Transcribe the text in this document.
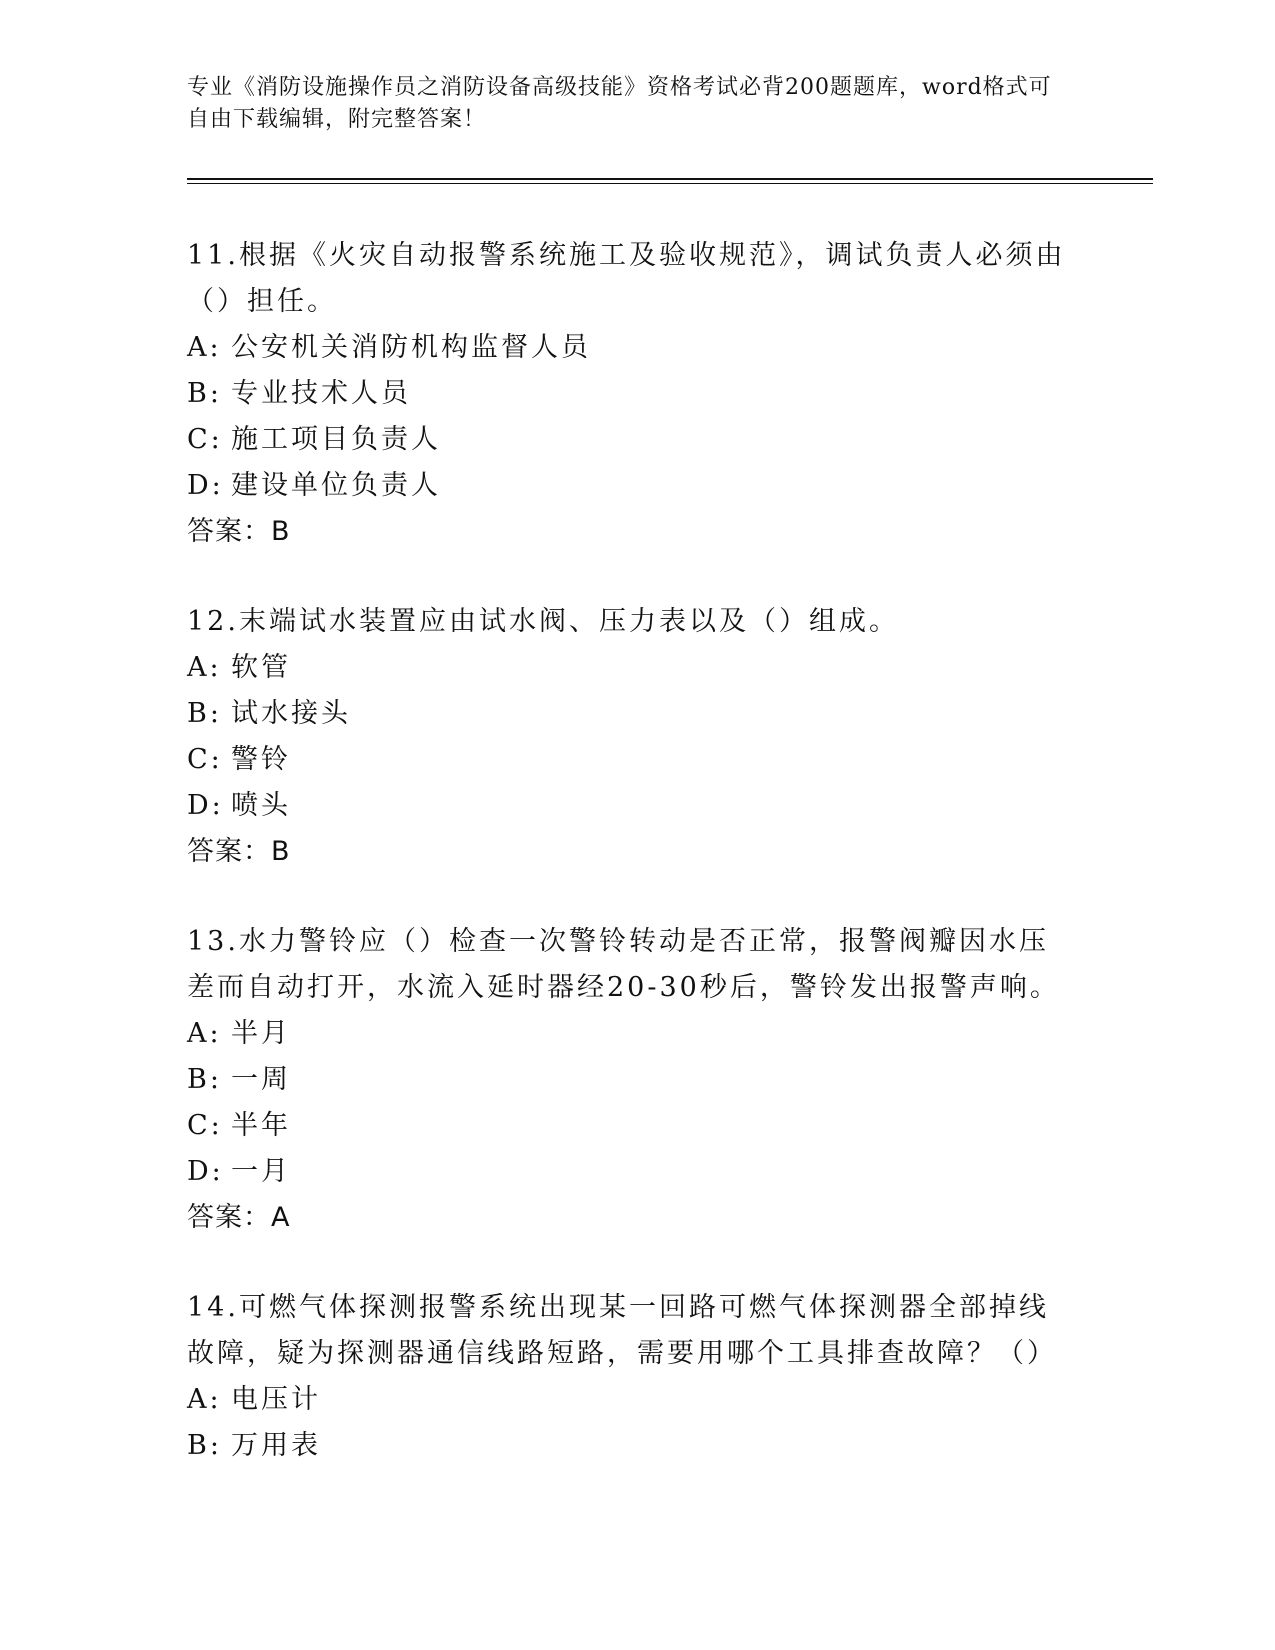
专业《消防设施操作员之消防设备高级技能》资格考试必背200题题库，word格式可自由下载编辑，附完整答案！

11.根据《火灾自动报警系统施工及验收规范》，调试负责人必须由（）担任。

A: 公安机关消防机构监督人员

B: 专业技术人员

C: 施工项目负责人

D: 建设单位负责人

答案：B

12.末端试水装置应由试水阀、压力表以及（）组成。

A: 软管

B: 试水接头

C: 警铃

D: 喷头

答案：B

13.水力警铃应（）检查一次警铃转动是否正常，报警阀瓣因水压差而自动打开，水流入延时器经20-30秒后，警铃发出报警声响。

A: 半月

B: 一周

C: 半年

D: 一月

答案：A

14.可燃气体探测报警系统出现某一回路可燃气体探测器全部掉线故障，疑为探测器通信线路短路，需要用哪个工具排查故障？（）

A: 电压计

B: 万用表
